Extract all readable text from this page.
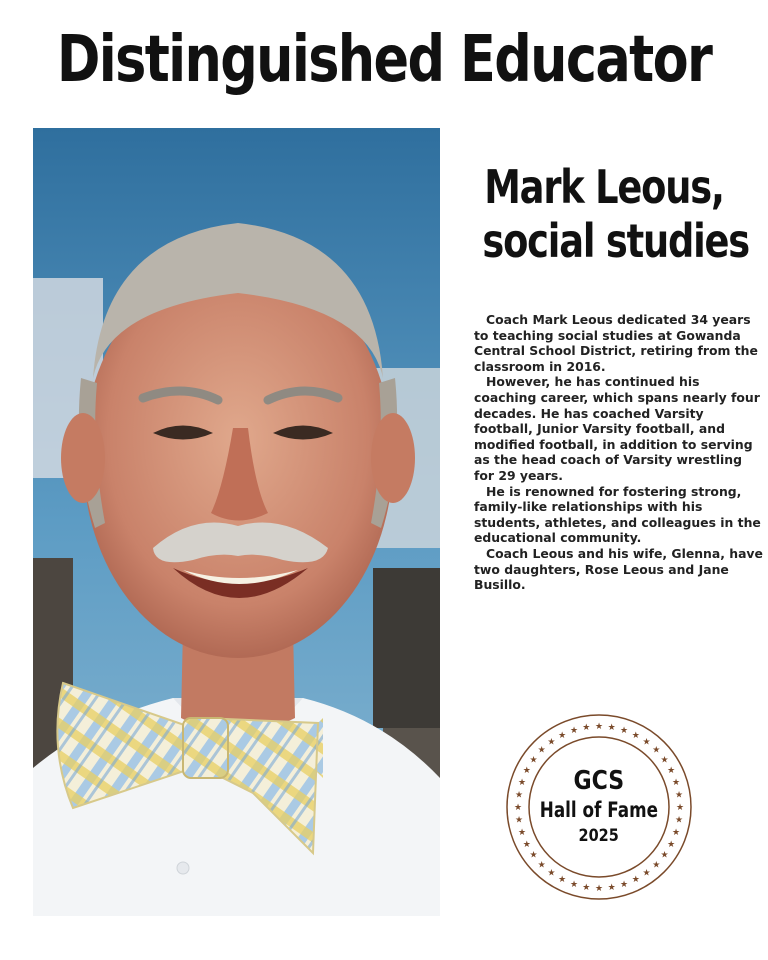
Distinguished Educator
Mark Leous,
social studies

Coach Mark Leous dedicated 34 years to teaching social studies at Gowanda Central School District, retiring from the classroom in 2016.

However, he has continued his coaching career, which spans nearly four decades. He has coached Varsity football, Junior Varsity football, and modified football, in addition to serving as the head coach of Varsity wrestling for 29 years.

He is renowned for fostering strong, family-like relationships with his students, athletes, and colleagues in the educational community.

Coach Leous and his wife, Glenna, have two daughters, Rose Leous and Jane Busillo.

★
★
★
★
★
★
★
★
★
★
★
★
★
★
★
★
★
★
★
★
★
★
★
★
★
★
★
★ ★ ★ ★ ★ ★ ★
★
★
★
★
★
★
GCS
Hall of Fame
2025
